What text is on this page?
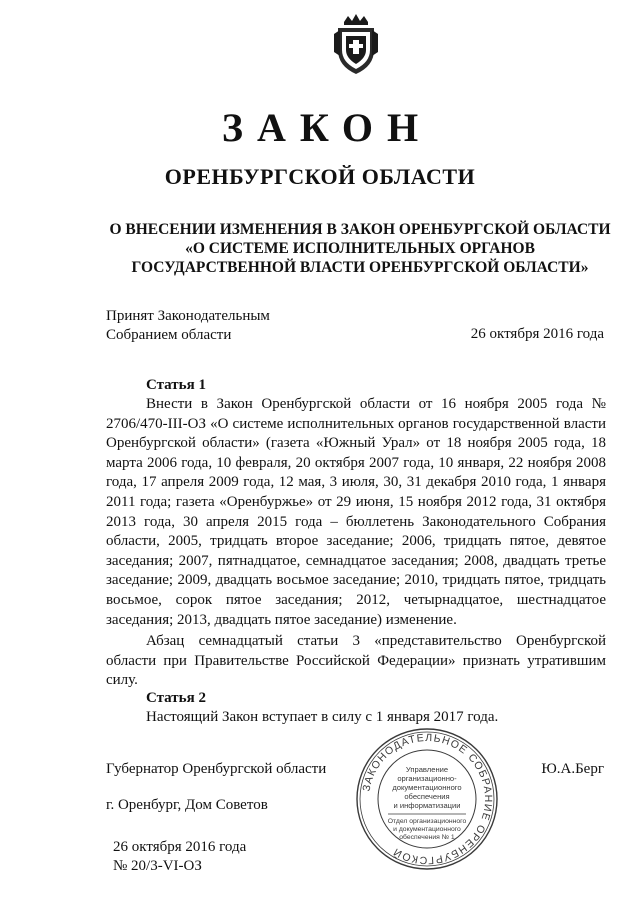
ЗАКОН
ОРЕНБУРГСКОЙ ОБЛАСТИ
О ВНЕСЕНИИ ИЗМЕНЕНИЯ В ЗАКОН ОРЕНБУРГСКОЙ ОБЛАСТИ
«О СИСТЕМЕ ИСПОЛНИТЕЛЬНЫХ ОРГАНОВ
ГОСУДАРСТВЕННОЙ ВЛАСТИ ОРЕНБУРГСКОЙ ОБЛАСТИ»
Принят Законодательным
Собранием области	26 октября 2016 года
Статья 1

Внести в Закон Оренбургской области от 16 ноября 2005 года № 2706/470-III-ОЗ «О системе исполнительных органов государственной власти Оренбургской области» (газета «Южный Урал» от 18 ноября 2005 года, 18 марта 2006 года, 10 февраля, 20 октября 2007 года, 10 января, 22 ноября 2008 года, 17 апреля 2009 года, 12 мая, 3 июля, 30, 31 декабря 2010 года, 1 января 2011 года; газета «Оренбуржье» от 29 июня, 15 ноября 2012 года, 31 октября 2013 года, 30 апреля 2015 года – бюллетень Законодательного Собрания области, 2005, тридцать второе заседание; 2006, тридцать пятое, девятое заседания; 2007, пятнадцатое, семнадцатое заседания; 2008, двадцать третье заседание; 2009, двадцать восьмое заседание; 2010, тридцать пятое, тридцать восьмое, сорок пятое заседания; 2012, четырнадцатое, шестнадцатое заседания; 2013, двадцать пятое заседание) изменение.

Абзац семнадцатый статьи 3 «представительство Оренбургской области при Правительстве Российской Федерации» признать утратившим силу.

Статья 2
Настоящий Закон вступает в силу с 1 января 2017 года.
Губернатор Оренбургской области	Ю.А.Берг
г. Оренбург, Дом Советов
26 октября 2016 года
№ 20/3-VI-ОЗ
ЗАКОНОДАТЕЛЬНОЕ СОБРАНИЕ ОРЕНБУРГСКОЙ
Управление
организационно-
документационного
обеспечения
и информатизации
Отдел организационного
и документационного
обеспечения № 1
